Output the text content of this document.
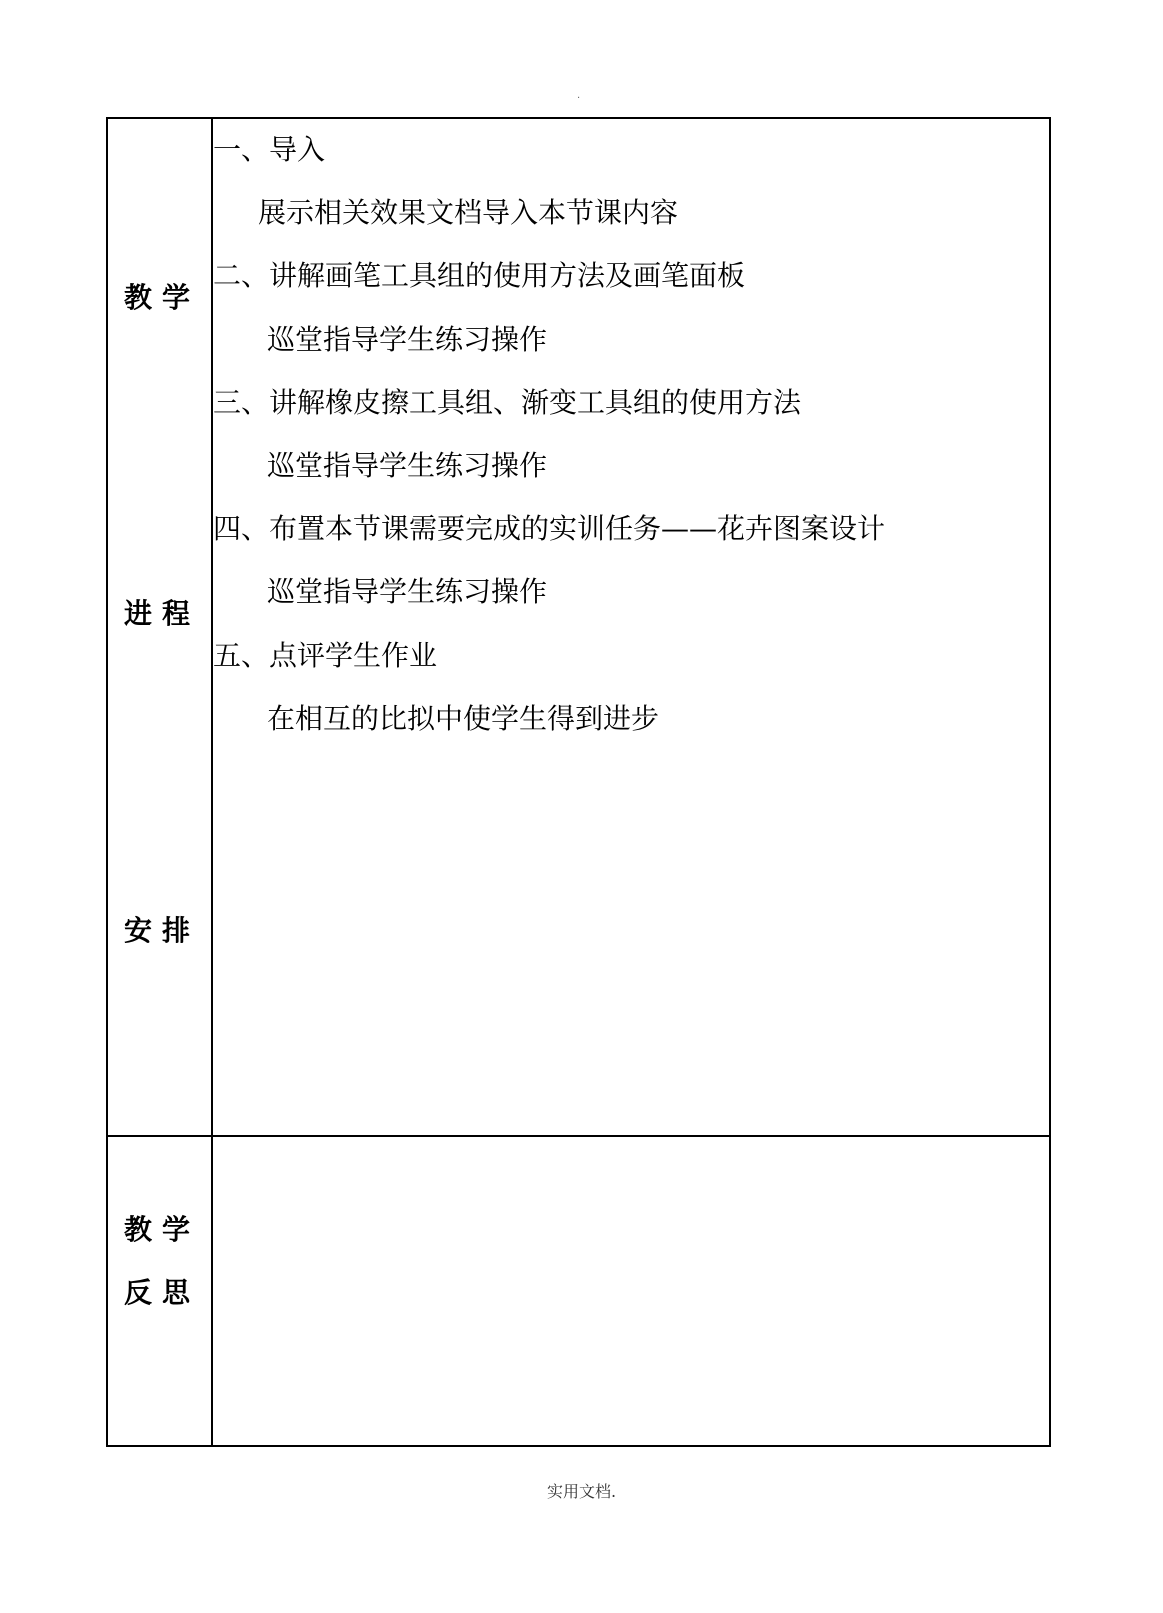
·
教学
进程
安排
一、导入
展示相关效果文档导入本节课内容
二、讲解画笔工具组的使用方法及画笔面板
巡堂指导学生练习操作
三、讲解橡皮擦工具组、渐变工具组的使用方法
巡堂指导学生练习操作
四、布置本节课需要完成的实训任务——花卉图案设计
巡堂指导学生练习操作
五、点评学生作业
在相互的比拟中使学生得到进步
教学
反思
实用文档.
